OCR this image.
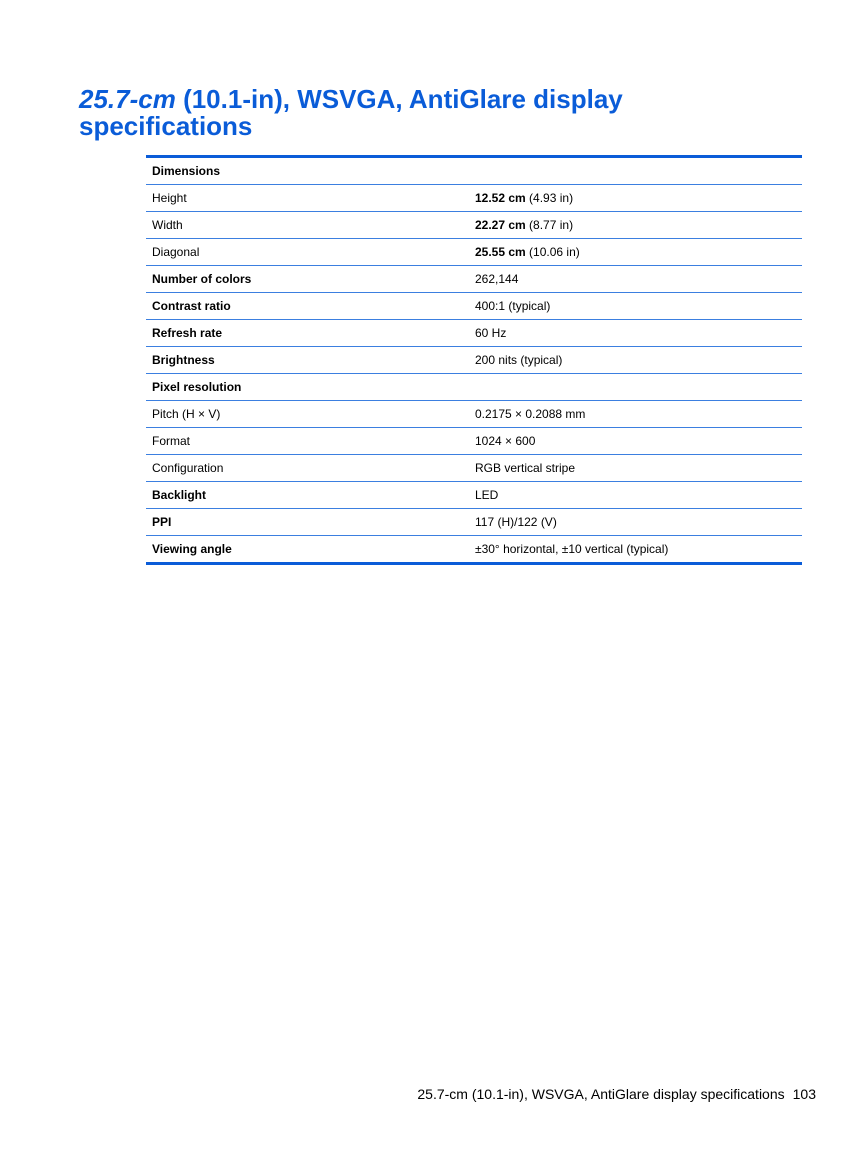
25.7-cm (10.1-in), WSVGA, AntiGlare display
specifications
Dimensions	
Height	12.52 cm (4.93 in)
Width	22.27 cm (8.77 in)
Diagonal	25.55 cm (10.06 in)
Number of colors	262,144
Contrast ratio	400:1 (typical)
Refresh rate	60 Hz
Brightness	200 nits (typical)
Pixel resolution	
Pitch (H × V)	0.2175 × 0.2088 mm
Format	1024 × 600
Configuration	RGB vertical stripe
Backlight	LED
PPI	117 (H)/122 (V)
Viewing angle	±30° horizontal, ±10 vertical (typical)
25.7-cm (10.1-in), WSVGA, AntiGlare display specifications 103
